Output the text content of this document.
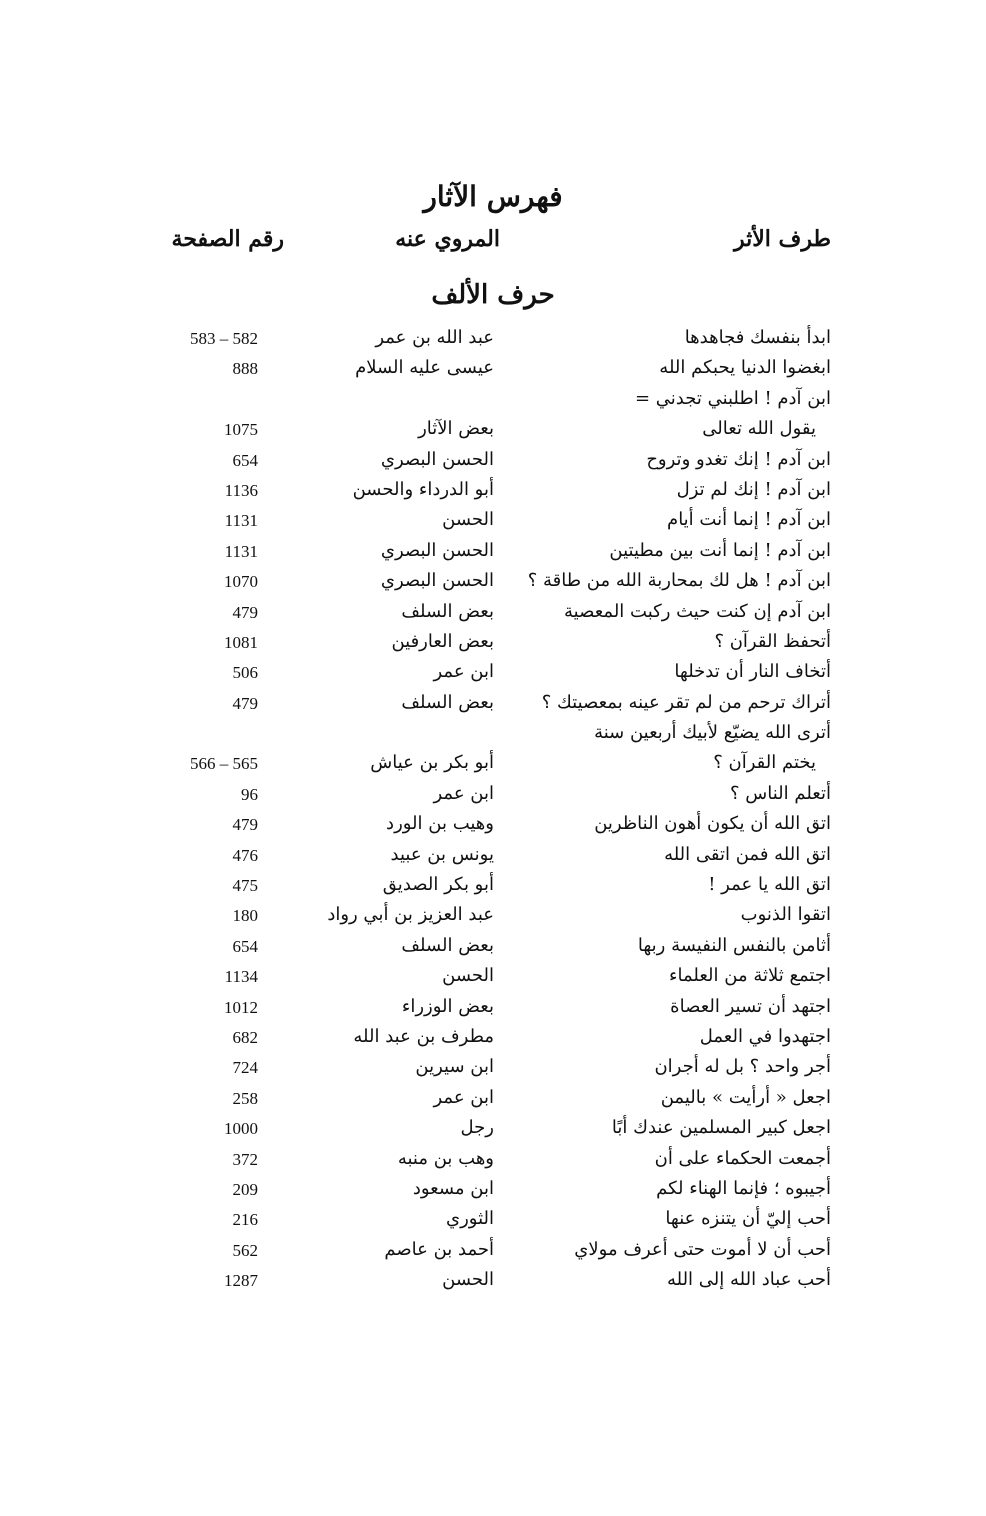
فهرس الآثار
طرف الأثر
المروي عنه
رقم الصفحة
حرف الألف
ابدأ بنفسك فجاهدها
عبد الله بن عمر
583 – 582
ابغضوا الدنيا يحبكم الله
عيسى عليه السلام
888
ابن آدم ! اطلبني تجدني =
يقول الله تعالى
بعض الآثار
1075
ابن آدم ! إنك تغدو وتروح
الحسن البصري
654
ابن آدم ! إنك لم تزل
أبو الدرداء والحسن
1136
ابن آدم ! إنما أنت أيام
الحسن
1131
ابن آدم ! إنما أنت بين مطيتين
الحسن البصري
1131
ابن آدم ! هل لك بمحاربة الله من طاقة ؟
الحسن البصري
1070
ابن آدم إن كنت حيث ركبت المعصية
بعض السلف
479
أتحفظ القرآن ؟
بعض العارفين
1081
أتخاف النار أن تدخلها
ابن عمر
506
أتراك ترحم من لم تقر عينه بمعصيتك ؟
بعض السلف
479
أترى الله يضيّع لأبيك أربعين سنة
يختم القرآن ؟
أبو بكر بن عياش
566 – 565
أتعلم الناس ؟
ابن عمر
96
اتق الله أن يكون أهون الناظرين
وهيب بن الورد
479
اتق الله فمن اتقى الله
يونس بن عبيد
476
اتق الله يا عمر !
أبو بكر الصديق
475
اتقوا الذنوب
عبد العزيز بن أبي رواد
180
أثامن بالنفس النفيسة ربها
بعض السلف
654
اجتمع ثلاثة من العلماء
الحسن
1134
اجتهد أن تسير العصاة
بعض الوزراء
1012
اجتهدوا في العمل
مطرف بن عبد الله
682
أجر واحد ؟ بل له أجران
ابن سيرين
724
اجعل « أرأيت » باليمن
ابن عمر
258
اجعل كبير المسلمين عندك أبًا
رجل
1000
أجمعت الحكماء على أن
وهب بن منبه
372
أجيبوه ؛ فإنما الهناء لكم
ابن مسعود
209
أحب إليّ أن يتنزه عنها
الثوري
216
أحب أن لا أموت حتى أعرف مولاي
أحمد بن عاصم
562
أحب عباد الله إلى الله
الحسن
1287
